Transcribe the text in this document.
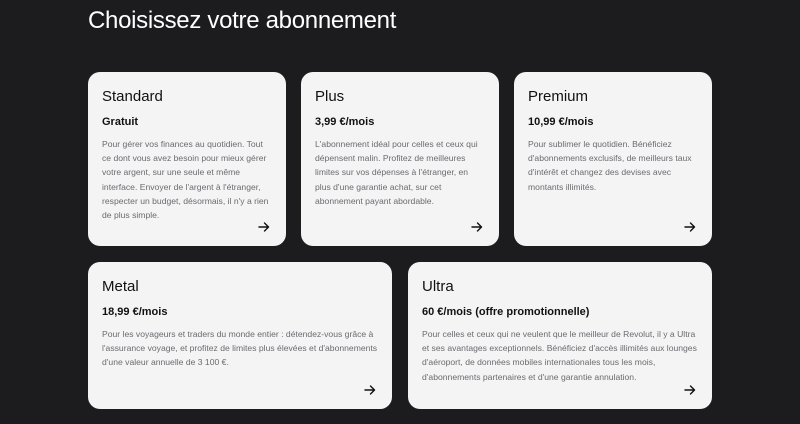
Choisissez votre abonnement
Standard

Gratuit

Pour gérer vos finances au quotidien. Tout ce dont vous avez besoin pour mieux gérer votre argent, sur une seule et même interface. Envoyer de l'argent à l'étranger, respecter un budget, désormais, il n'y a rien de plus simple.

Plus

3,99 €/mois

L'abonnement idéal pour celles et ceux qui dépensent malin. Profitez de meilleures limites sur vos dépenses à l'étranger, en plus d'une garantie achat, sur cet abonnement payant abordable.

Premium

10,99 €/mois

Pour sublimer le quotidien. Bénéficiez d'abonnements exclusifs, de meilleurs taux d'intérêt et changez des devises avec montants illimités.

Metal

18,99 €/mois

Pour les voyageurs et traders du monde entier : détendez-vous grâce à l'assurance voyage, et profitez de limites plus élevées et d'abonnements d'une valeur annuelle de 3 100 €.

Ultra

60 €/mois (offre promotionnelle)

Pour celles et ceux qui ne veulent que le meilleur de Revolut, il y a Ultra et ses avantages exceptionnels. Bénéficiez d'accès illimités aux lounges d'aéroport, de données mobiles internationales tous les mois, d'abonnements partenaires et d'une garantie annulation.
